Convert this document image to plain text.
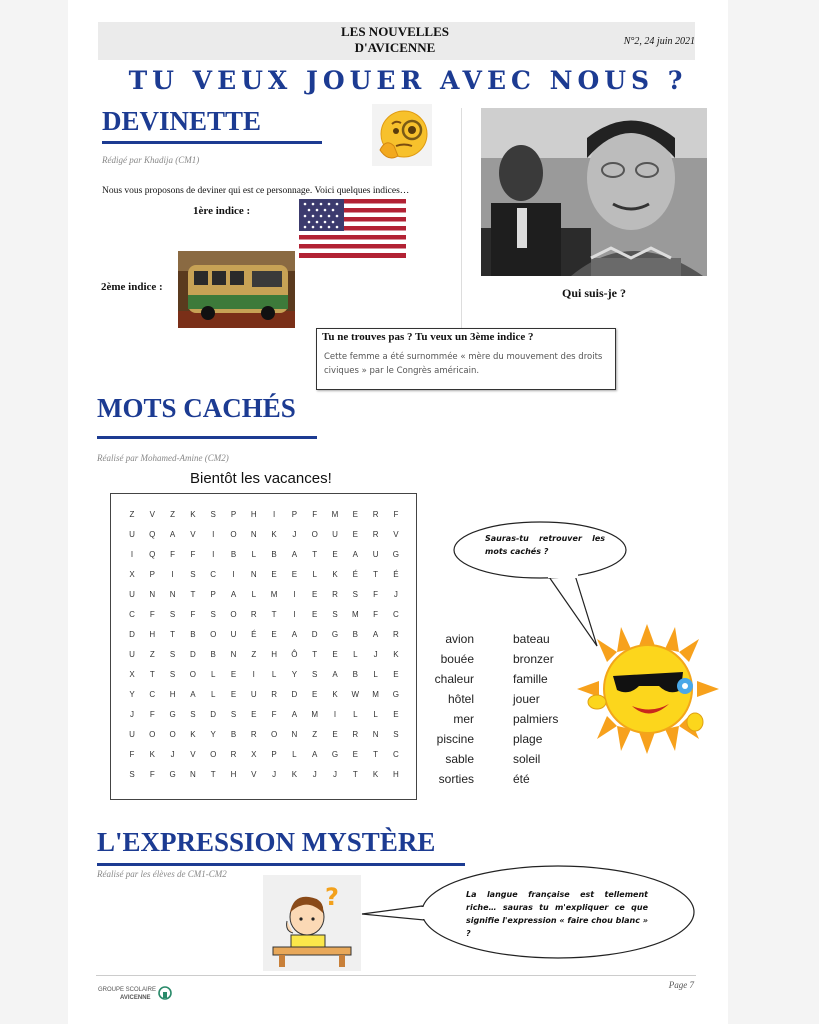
LES NOUVELLES
D'AVICENNE	N°2, 24 juin 2021
TU VEUX JOUER AVEC NOUS ?
DEVINETTE
Rédigé par Khadija (CM1)
Nous vous proposons de deviner qui est ce personnage. Voici quelques indices…
1ère indice :
2ème indice :	Qui suis-je ?
Tu ne trouves pas ? Tu veux un 3ème indice ?
Cette femme a été surnommée « mère du mouvement des droits civiques » par le Congrès américain.
MOTS CACHÉS
Réalisé par Mohamed-Amine (CM2)
Bientôt les vacances!
Z	V	Z	K	S	P	H	I	P	F	M	E	R	F
U	Q	A	V	I	O	N	K	J	O	U	E	R	V
I	Q	F	F	I	B	L	B	A	T	E	A	U	G
X	P	I	S	C	I	N	E	E	L	K	É	T	É
U	N	N	T	P	A	L	M	I	E	R	S	F	J
C	F	S	F	S	O	R	T	I	E	S	M	F	C
D	H	T	B	O	U	É	E	A	D	G	B	A	R
U	Z	S	D	B	N	Z	H	Ô	T	E	L	J	K
X	T	S	O	L	E	I	L	Y	S	A	B	L	E
Y	C	H	A	L	E	U	R	D	E	K	W	M	G
J	F	G	S	D	S	E	F	A	M	I	L	L	E
U	O	O	K	Y	B	R	O	N	Z	E	R	N	S
F	K	J	V	O	R	X	P	L	A	G	E	T	C
S	F	G	N	T	H	V	J	K	J	J	T	K	H
avion
bouée
chaleur
hôtel
mer
piscine
sable
sorties
bateau
bronzer
famille
jouer
palmiers
plage
soleil
été
Sauras-tu retrouver les mots cachés ?
L'EXPRESSION MYSTÈRE
Réalisé par les élèves de CM1-CM2
?	La langue française est tellement riche… sauras tu m'expliquer ce que signifie l'expression « faire chou blanc » ?
GROUPE SCOLAIRE
AVICENNE
Page 7
